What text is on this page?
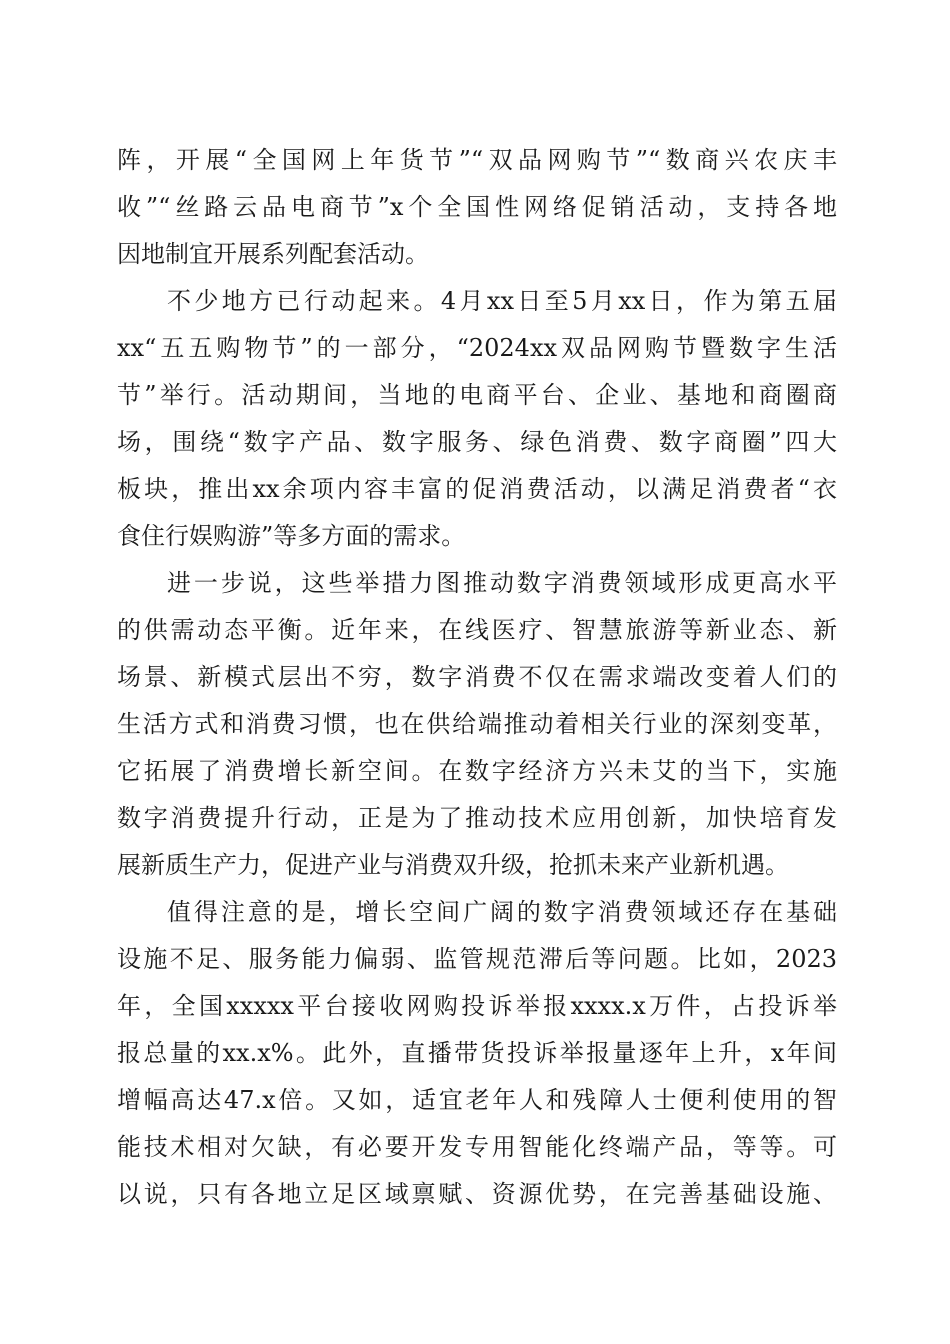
阵，开展“全国网上年货节”“双品网购节”“数商兴农庆丰
收”“丝路云品电商节”x个全国性网络促销活动，支持各地
因地制宜开展系列配套活动。
不少地方已行动起来。4月xx日至5月xx日，作为第五届
xx“五五购物节”的一部分，“2024xx双品网购节暨数字生活
节”举行。活动期间，当地的电商平台、企业、基地和商圈商
场，围绕“数字产品、数字服务、绿色消费、数字商圈”四大
板块，推出xx余项内容丰富的促消费活动，以满足消费者“衣
食住行娱购游”等多方面的需求。
进一步说，这些举措力图推动数字消费领域形成更高水平
的供需动态平衡。近年来，在线医疗、智慧旅游等新业态、新
场景、新模式层出不穷，数字消费不仅在需求端改变着人们的
生活方式和消费习惯，也在供给端推动着相关行业的深刻变革，
它拓展了消费增长新空间。在数字经济方兴未艾的当下，实施
数字消费提升行动，正是为了推动技术应用创新，加快培育发
展新质生产力，促进产业与消费双升级，抢抓未来产业新机遇。
值得注意的是，增长空间广阔的数字消费领域还存在基础
设施不足、服务能力偏弱、监管规范滞后等问题。比如，2023
年，全国xxxxx平台接收网购投诉举报xxxx.x万件，占投诉举
报总量的xx.x%。此外，直播带货投诉举报量逐年上升，x年间
增幅高达47.x倍。又如，适宜老年人和残障人士便利使用的智
能技术相对欠缺，有必要开发专用智能化终端产品，等等。可
以说，只有各地立足区域禀赋、资源优势，在完善基础设施、
